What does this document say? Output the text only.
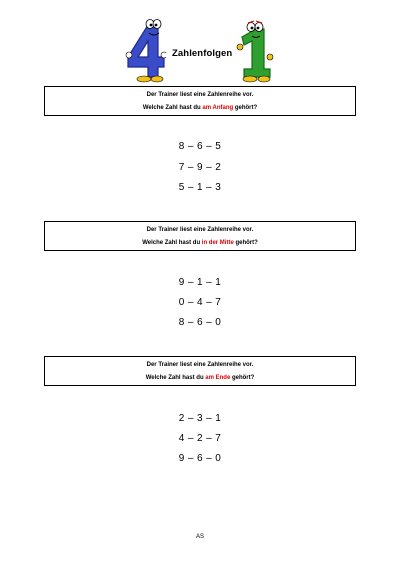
Zahlenfolgen
Der Trainer liest eine Zahlenreihe vor.
Welche Zahl hast du am Anfang gehört?
8 – 6 – 5
7 – 9 – 2
5 – 1 – 3
Der Trainer liest eine Zahlenreihe vor.
Welche Zahl hast du in der Mitte gehört?
9 – 1 – 1
0 – 4 – 7
8 – 6 – 0
Der Trainer liest eine Zahlenreihe vor.
Welche Zahl hast du am Ende gehört?
2 – 3 – 1
4 – 2 – 7
9 – 6 – 0
AS
